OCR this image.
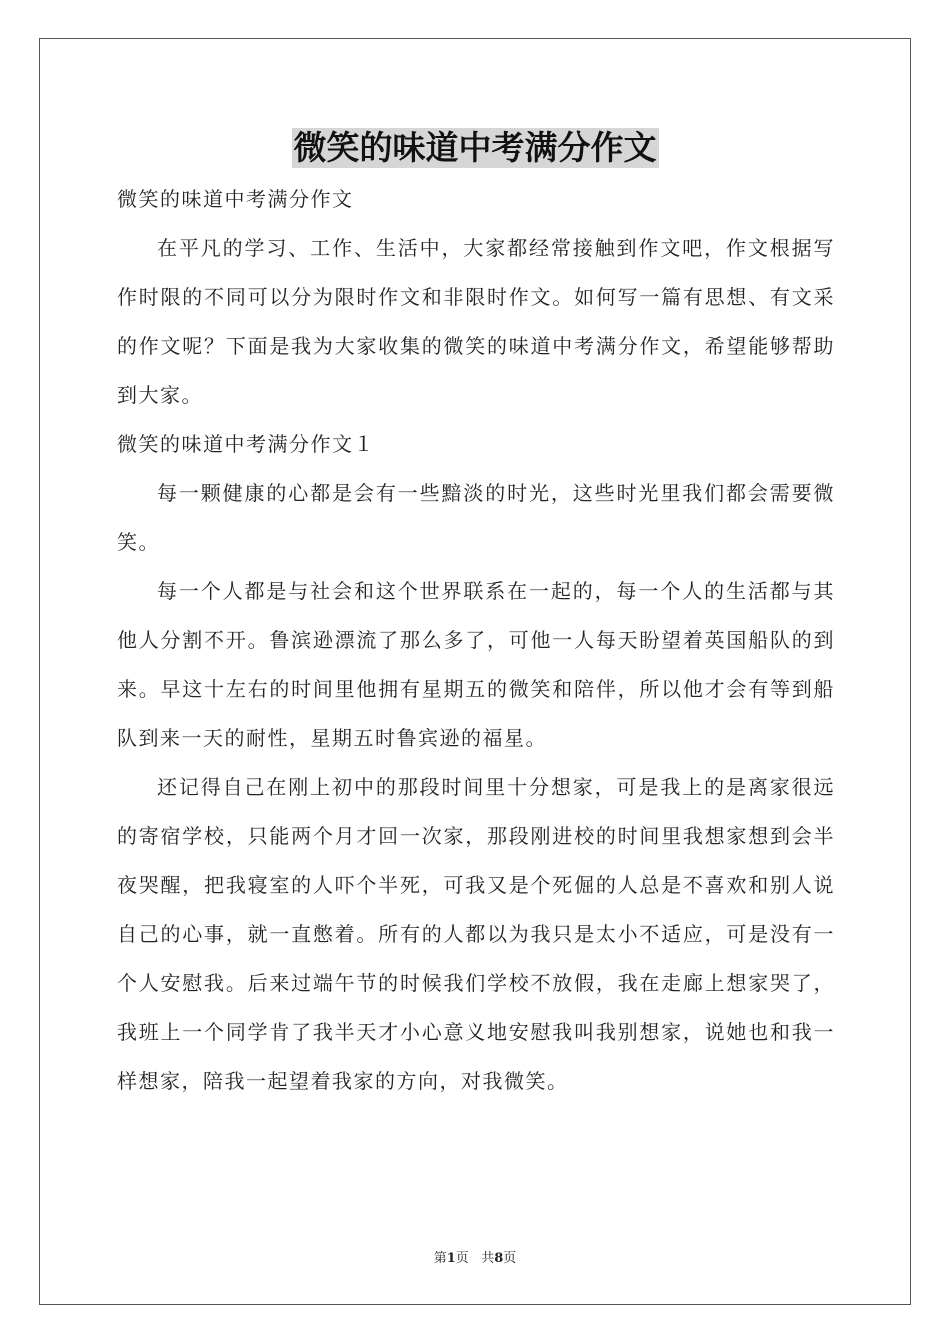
微笑的味道中考满分作文

微笑的味道中考满分作文

在平凡的学习、工作、生活中，大家都经常接触到作文吧，作文根据写作时限的不同可以分为限时作文和非限时作文。如何写一篇有思想、有文采的作文呢？下面是我为大家收集的微笑的味道中考满分作文，希望能够帮助到大家。

微笑的味道中考满分作文１

每一颗健康的心都是会有一些黯淡的时光，这些时光里我们都会需要微笑。

每一个人都是与社会和这个世界联系在一起的，每一个人的生活都与其他人分割不开。鲁滨逊漂流了那么多了，可他一人每天盼望着英国船队的到来。早这十左右的时间里他拥有星期五的微笑和陪伴，所以他才会有等到船队到来一天的耐性，星期五时鲁宾逊的福星。

还记得自己在刚上初中的那段时间里十分想家，可是我上的是离家很远的寄宿学校，只能两个月才回一次家，那段刚进校的时间里我想家想到会半夜哭醒，把我寝室的人吓个半死，可我又是个死倔的人总是不喜欢和别人说自己的心事，就一直憋着。所有的人都以为我只是太小不适应，可是没有一个人安慰我。后来过端午节的时候我们学校不放假，我在走廊上想家哭了，我班上一个同学肯了我半天才小心意义地安慰我叫我别想家，说她也和我一样想家，陪我一起望着我家的方向，对我微笑。

第1页 共8页
